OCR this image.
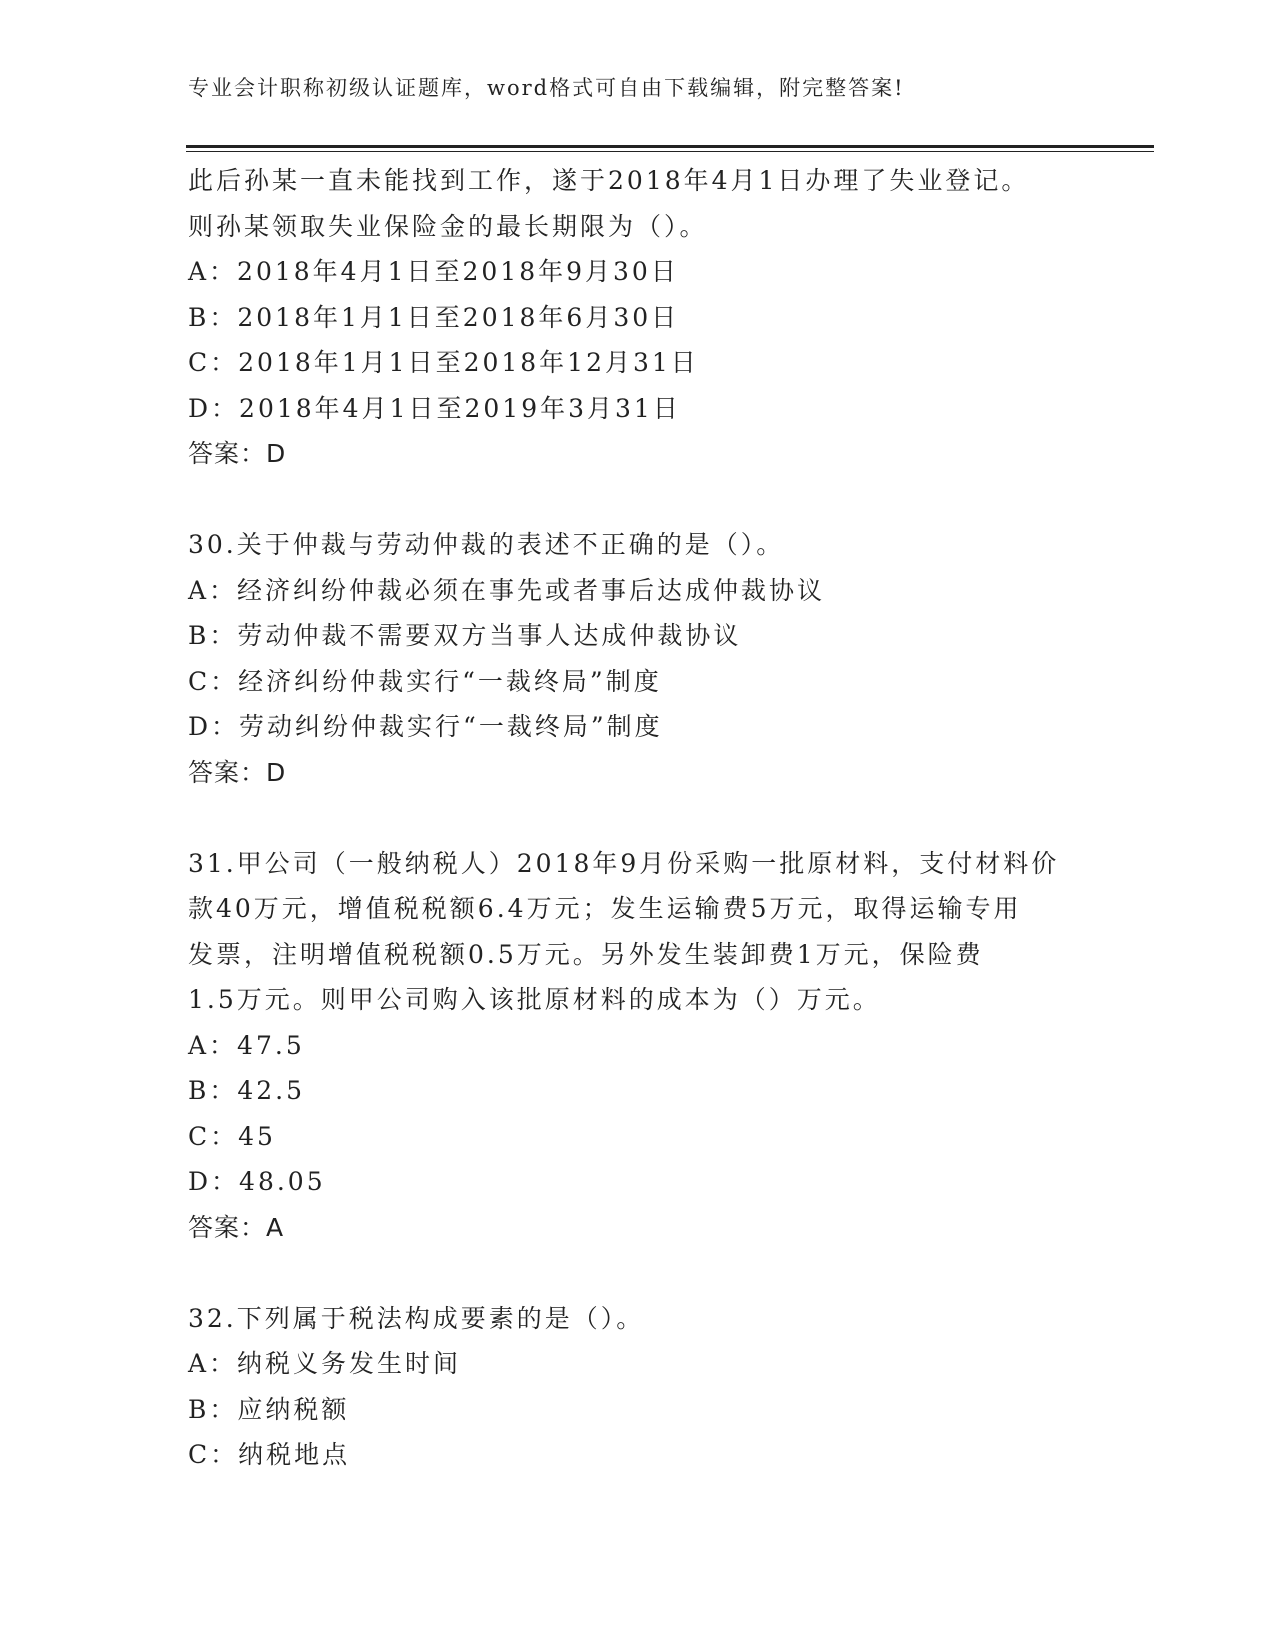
专业会计职称初级认证题库，word格式可自由下载编辑，附完整答案!
此后孙某一直未能找到工作，遂于2018年4月1日办理了失业登记。
则孙某领取失业保险金的最长期限为（）。
A：2018年4月1日至2018年9月30日
B：2018年1月1日至2018年6月30日
C：2018年1月1日至2018年12月31日
D：2018年4月1日至2019年3月31日
答案：D
30.关于仲裁与劳动仲裁的表述不正确的是（）。
A：经济纠纷仲裁必须在事先或者事后达成仲裁协议
B：劳动仲裁不需要双方当事人达成仲裁协议
C：经济纠纷仲裁实行“一裁终局”制度
D：劳动纠纷仲裁实行“一裁终局”制度
答案：D
31.甲公司（一般纳税人）2018年9月份采购一批原材料，支付材料价
款40万元，增值税税额6.4万元；发生运输费5万元，取得运输专用
发票，注明增值税税额0.5万元。另外发生装卸费1万元，保险费
1.5万元。则甲公司购入该批原材料的成本为（）万元。
A：47.5
B：42.5
C：45
D：48.05
答案：A
32.下列属于税法构成要素的是（）。
A：纳税义务发生时间
B：应纳税额
C：纳税地点
